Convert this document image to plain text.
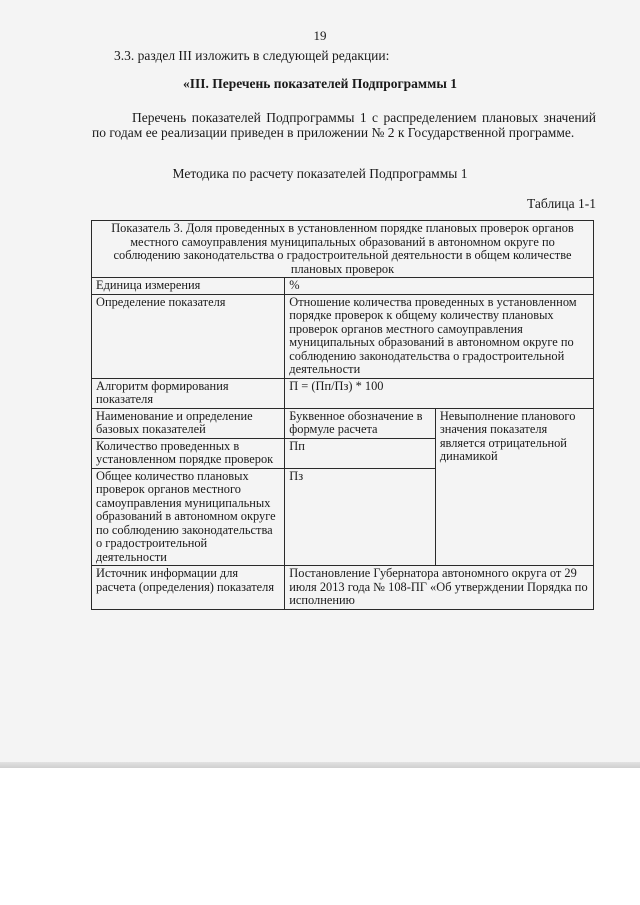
19
3.3. раздел III изложить в следующей редакции:
«III. Перечень показателей Подпрограммы 1

Перечень показателей Подпрограммы 1 с распределением плановых значений по годам ее реализации приведен в приложении № 2 к Государственной программе.

Методика по расчету показателей Подпрограммы 1
Таблица 1-1
Показатель 3. Доля проведенных в установленном порядке плановых проверок органов местного самоуправления муниципальных образований в автономном округе по соблюдению законодательства о градостроительной деятельности в общем количестве плановых проверок		
Единица измерения	%	
Определение показателя	Отношение количества проведенных в установленном порядке проверок к общему количеству плановых проверок органов местного самоуправления муниципальных образований в автономном округе по соблюдению законодательства о градостроительной деятельности	
Алгоритм формирования показателя	П = (Пп/Пз) * 100	
Наименование и определение базовых показателей	Буквенное обозначение в формуле расчета	Невыполнение планового значения показателя является отрицательной динамикой
Количество проведенных в установленном порядке проверок	Пп	
Общее количество плановых проверок органов местного самоуправления муниципальных образований в автономном округе по соблюдению законодательства о градостроительной деятельности	Пз	
Источник информации для расчета (определения) показателя	Постановление Губернатора автономного округа от 29 июля 2013 года № 108-ПГ «Об утверждении Порядка по исполнению	
